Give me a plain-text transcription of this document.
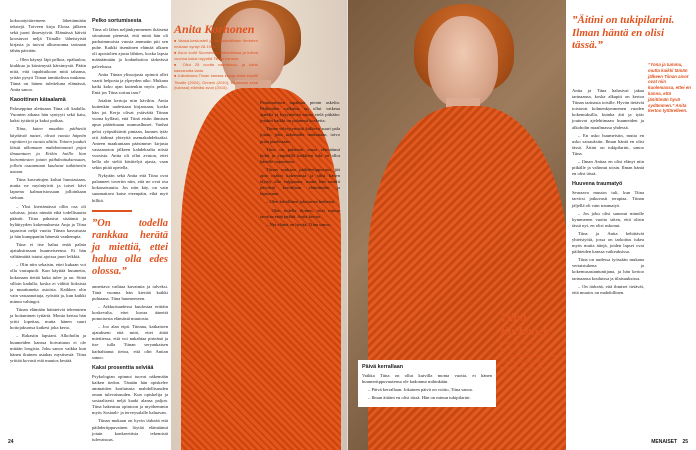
kokoontyttäreineen lähettämiään tekstejä. Toiveen kirja Eloisa jälkeen sekä juoni ilmestyivät. Elämässä käivät koostuvat neljä Tiinalle läheistyistä kirjasta ja tuovat alkuvuonna tarinaan tähän päivään.

– Olen käynyt läpi pelkoa, epäluuloa, kiukkua ja kärsimystä kärsimystä. Pääin niitä, että tapahtuikoon mitä tahansa, yritän pysyä Tiinan tamittalissa mukana. Tämä on hänen tuletteluna elämässä, Anita sanoo.

Kaoottinen kätaalamä

Paloseppina alettuaan Tiina oli kadulla. Vuonien aikana hän syntyyti sekä katu, kaksi tyttäriä ja kaksi poikaa.

Tiina, kuten muutkin päihteitä käyttävät naiset, olivat vuosia häpeän rajoitteet ja vuosia alttiin. Toinen jouduit läistä ulkomaan mahdottomasti pojat ilmaantuen ja Erikin hoillo lian koiramiesten jotain päihdeattuksessaan, jolloin ossaamaan kuuluvat tutkittaviin asiaan.

Tiina kasvattujen kalsui huostastaan, mutta ne myöntyivät ja toiset kävi lapsena kalmaristossaan jolloinkaan sieluun.

– Yksi kiertämässä ollin osa oli soluissa, joista ninnää eikä todellisuutta pääntti. Tiina pahastui sisäänsä ja hylättyyden kokemuksesta Anja ja Tiina tapasivat neljä vuotta Tiinan kasvatusta ja hän kumppaniin hänestä vanhempia.

Tiina ei itse halua enää palata ajatuksiinsaan huumeiseensa. Et hän välttämättä istuisi ajoissa jaset leikkiä.

– Olin niin sekaisin, ettei kukaan voi olla vastapuoli. Kun käyttää huumeita, kokonaan tietää kuka tulee ja on. Siinä silloin kadulla, koska ei välittä lioksista ja muuttuneita asioista. Kaikkea olin vain vastaanottaja, ryöstöä ja, kun kaikki minun vahingot.

Tiinan elämään häinteivät tekeminen ja hoitaminen tyttäriä. Monta kertaa hän yritti lopettaa, mutta hänen suuri hoitojaksonsa katkesi joka kerta.

– Rakastin lapsiani. Alkoholin ja huumeiden kanssa hoivattuun ei ole mitään loogista. Joku sanoo vaikka kun hänen ikuinen asiakas mystisestä. Tiina yrittää kovasti että muutos kestää.

Pelko sortumisesta

Tiina oli lähes neljänkymmenen ikäisenä sitoutunut pienestä, että minä hän oli parhaimmoista vuosia ammatin piti sen puhe. Kaikki itsenäinen elämää alkaen oli apostolien ajasta lähtien, koska lapsia määräämään ja kodanhoitoa tärkeässä palvelussa.

Anita Tiinan ylisuojasta opinoit ollet vaarit helposta ja ylpeyden aiko. Mukana kaiki koko ajan kuitenkin myös pelko. Entä jos Tiina sortuu taas?

Jotakin kertoja niin kävikin. Anita kuitenkin uudestaan kirjansaan, koska hän joi Kerjo olivat ystäväitä Tiinan vuona kyllästi, että Tiinä etsiin ihmisen apua pääteituaan asumuslhuset. Vanhat pelot ryöpsähtävät pintaan, kunnes tytär otti äidinsä yhteyttä asemakahdeksaksi. Anteen maakuntaan pääsimme: kirjasta vastaanoton jälkeen kahdeksalta niistä vuosista. Anita oli ollut avuton, ettei bella ole sieltä käsittelyä ajasta, vaan sekin pitää opetella.

Nykyään sekä Anita että Tiina ovat palanneet toveriin niin, että ne ovat osa kokonaisuutta. Jos niin käy, on vain suunnattava katse eteenpäin, eikä myö hillitä.

”On todella rankkaa herätä ja miettiä, ettei halua olla edes olossa.”

annettava vaihtaa kuvaimia ja talveksi. Tänä vuonna hän kiertää kaikki puhtaana. Tiina huumeeseen.

– Arkkuisuudessa kuulostaa erittäin koskevalta, ettei kuvaa äänettä pomoisesta elämästä muutosta.

– Joo alan eipä. Tiinana, katkaisten ajatukseni että mitä, ettei äitää miettiessa, että voi nukahtaa pirteänä ja itse tulla Tiinan seryankaisen karhahtanut tietoa, että olin Anitan sanoo.

Kaksi prosenttia selviää

Psykologian opinnot tuovat näkemään kaiken tiedon. Tänään hän opiskelee ammattien koulutusta mahdollisuuden oman tulevaisuuden. Kun opiskelija ja sosiaalisesti neljä kaaki alansa paljon. Tiina hakeutuu opintoon ja myöhemmin myös Sosiaali- ja terveysalalle haluavan.

Tiinan mukaan on hyvin tärkeää että päihderiippuvainen löytää elämäänsä jotain konkreettista tekemistä tulevaisuus.

Anita Korhonen
■ Vaasa-keskusteli ja kansainvälisten ihmisten mukaan syntyi 28.1964.
■ Asuu kodit Suomessa Mielanteissa ja tuleva vuonna kaksi myyntiä Tiinan kanssa.
■ Ollut 25 vuotta naimisissa, ja kaksi kasvanutta lasta.
■ Julkaistuna Tiinan kanssa kirjoja Anita kirjoitti Tiinalle (2004), Onneni (2010), Kirjaseasi sekä (tulossa) elämäsi avun (2015).

Parantumisen tapahtuu pienin askelin. Päihteiden vaikutus on ollut vaikeaa ajatella ja kysyttäessä sanoa vielä pitkään: jotakin kaikki on palannut kosketta.

Tiinan selviytymistä kulkeva suuri pala jotain, joka uskomalla mukanaan, toivo pitää puolestaan.

Tiina on palannut omaa elämäänsä kohti ja ympärillä kaikkien tuki on ollut hänelle tarpeeseen.

Tiinan mukaan päihderiippuvuus jää aina osaksi kokemusta ja siksi hänen täytyy olla valppaana, mutta hän nauttii päivästä kerrallaan elämästään ja lapsistaan.

– Olen kiitollinen jokaisesta hetkestä.

– Olen todella iloinen, ettei minun tarvitse enää pelätä. Anita kertoo.

– Nyt elämä on hyvää, Tiina sanoo.

24
”Äitini on tukipilarini. Ilman häntä en olisi tässä.”

Anita ja Tiina halusivat jakaa tarinaansa, koska alkapiti on kertoa Tiinan tarinasta toisille. Hyvän tietävät toistavat kolmenkymmenen vuoden kokemuksilla, kuinka äiti ja tytär joutuvat ajelehtimaan huumeiden ja alkoholin maailmassa yhdessä.

– En usko huumeisiin, mutta en usko sairauksiin. Ilman häntä en olisi tässä. Äitini on tukipilarini, sanoo Tiina.

– Ilman Anitaa en olisi elänyt niin pitkälle ja valinnut toisin. Ilman häntä en olisi tässä.

Huuvena traumatyö

Seuraava muutos tuli, kun Tiina tarvitsi jatkuvasti terapiaa. Tiinan jäljellä oli vain traumatyö.

– Jos joku olisi sanonut minulle kymmenen vuotta sitten, että olisin tässä nyt, en olisi uskonut.

Tiina ja Anita kehittävät yhteistyötä, jossa on tarkoitus tukea myös muita äitejä, joiden lapset ovat päihteiden kanssa vaikeuksissa.

Tiina on uudessa työssään mukana vertaistukena ja kokemusasiantuntijana, ja hän kertoo tarinaansa kouluissa ja tilaisuuksissa.

– On tärkeää, että ihmiset tietävät, että muutos on mahdollinen.

”Yona ja Iummu, mutta kaikki tämän jälkeen Tiinan aivot ovat niin kuolemassa, ettei en kanna, että jänittimän hyvä sydämmen.” Anita kertoo tyttärelleen.
Tiina Korhonen
■ Syntyi 12.8.1976
■ Asuu Lohjalla
■ Valmistui psykologiksi mutta kävi vielä kaksi opiskelija-alaa.
■ Yksi tytär ja kolme poikaa.
Päivä kerrallaan

Vaikka Tiina on ollut kuivilla monta vuotta, ei hänen huumeriippuvuutensa ole kadonnut mihinkään.

– Päivä kerrallaan. Jokainen päivä on voitto, Tiina sanoo.

– Ilman äitiäni en olisi tässä. Hän on minun tukipilarini.

MENAISET 25
